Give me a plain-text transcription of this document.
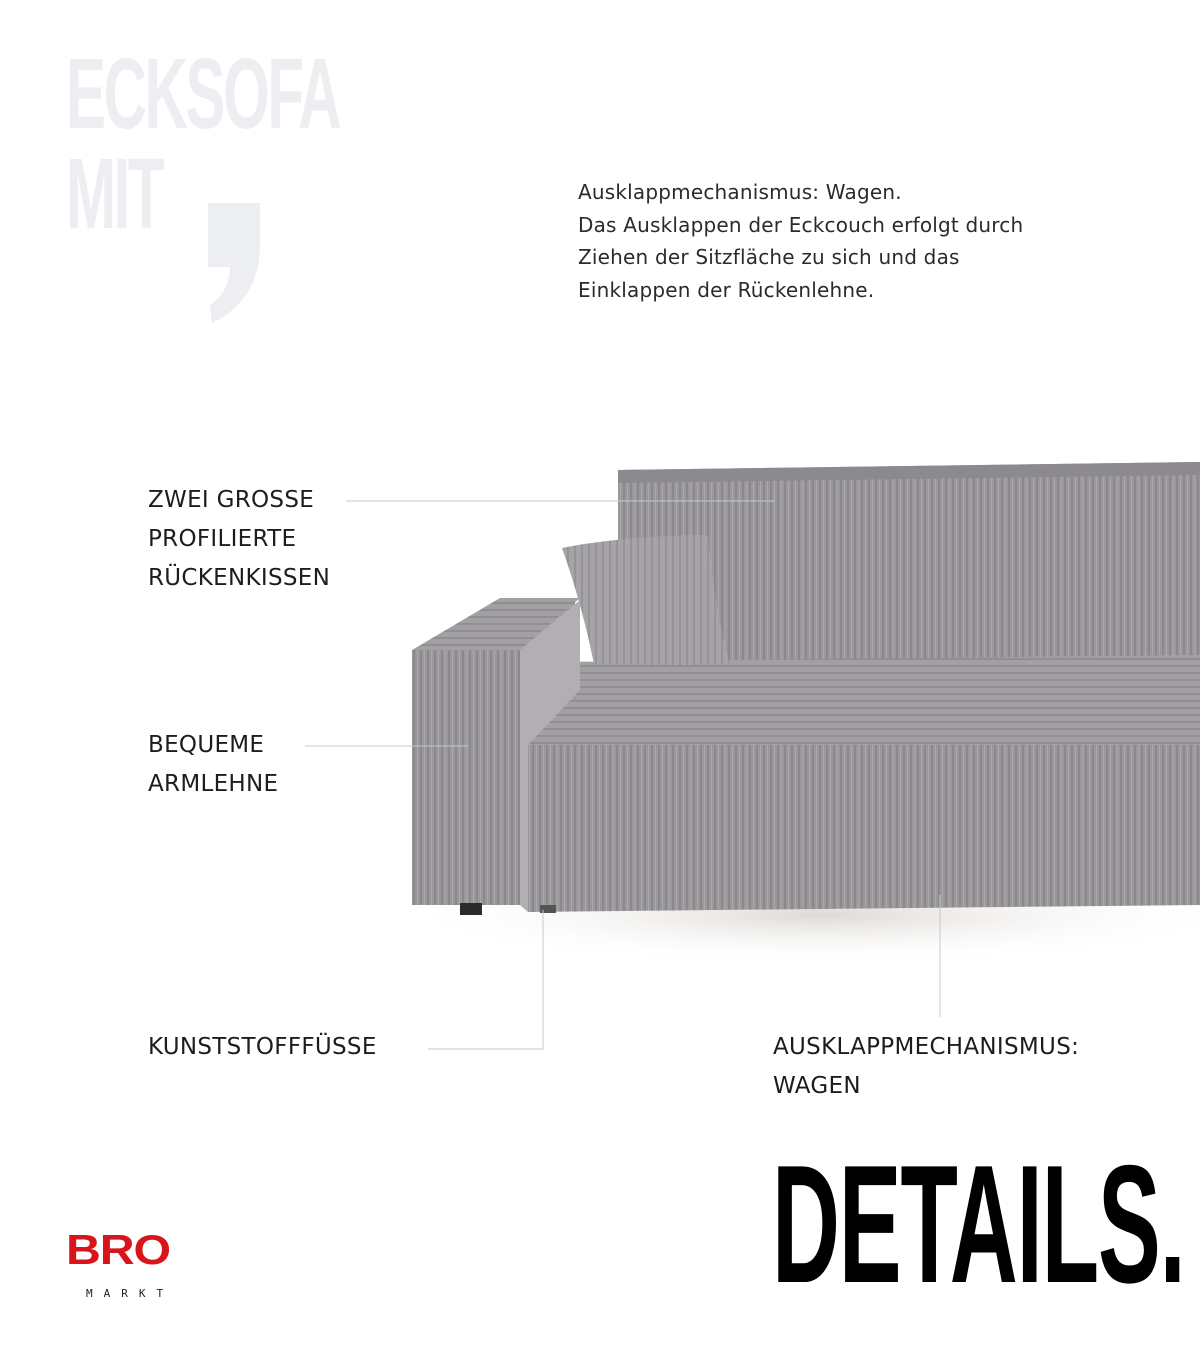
ECKSOFA
MIT	Ausklappmechanismus: Wagen.
Das Ausklappen der Eckcouch erfolgt durch
Ziehen der Sitzfläche zu sich und das
Einklappen der Rückenlehne.
ZWEI GROSSE
PROFILIERTE
RÜCKENKISSEN
BEQUEME
ARMLEHNE
KUNSTSTOFFFÜSSE	AUSKLAPPMECHANISMUS:
WAGEN
DETAILS.
BRO
MARKT
